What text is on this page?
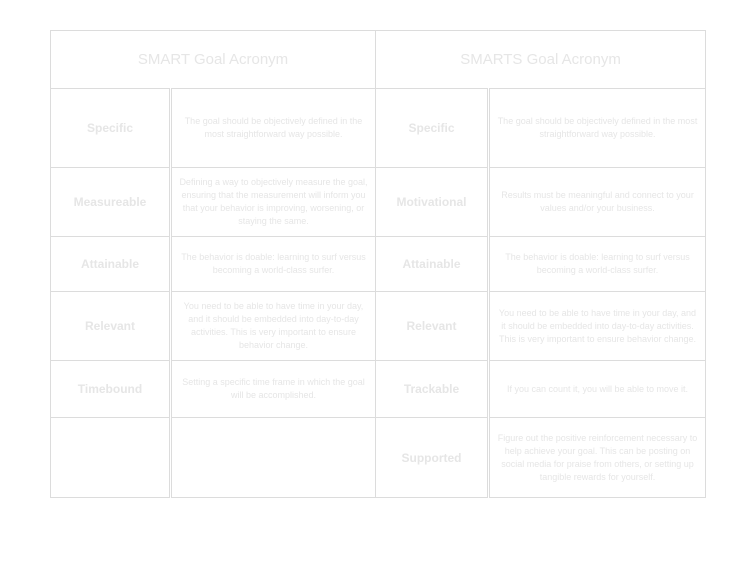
SMART Goal Acronym		SMARTS Goal Acronym	
Specific	The goal should be objectively defined in the most straightforward way possible.	Specific	The goal should be objectively defined in the most straightforward way possible.
Measureable	Defining a way to objectively measure the goal, ensuring that the measurement will inform you that your behavior is improving, worsening, or staying the same.	Motivational	Results must be meaningful and connect to your values and/or your business.
Attainable	The behavior is doable: learning to surf versus becoming a world-class surfer.	Attainable	The behavior is doable: learning to surf versus becoming a world-class surfer.
Relevant	You need to be able to have time in your day, and it should be embedded into day-to-day activities. This is very important to ensure behavior change.	Relevant	You need to be able to have time in your day, and it should be embedded into day-to-day activities. This is very important to ensure behavior change.
Timebound	Setting a specific time frame in which the goal will be accomplished.	Trackable	If you can count it, you will be able to move it.
		Supported	Figure out the positive reinforcement necessary to help achieve your goal. This can be posting on social media for praise from others, or setting up tangible rewards for yourself.
